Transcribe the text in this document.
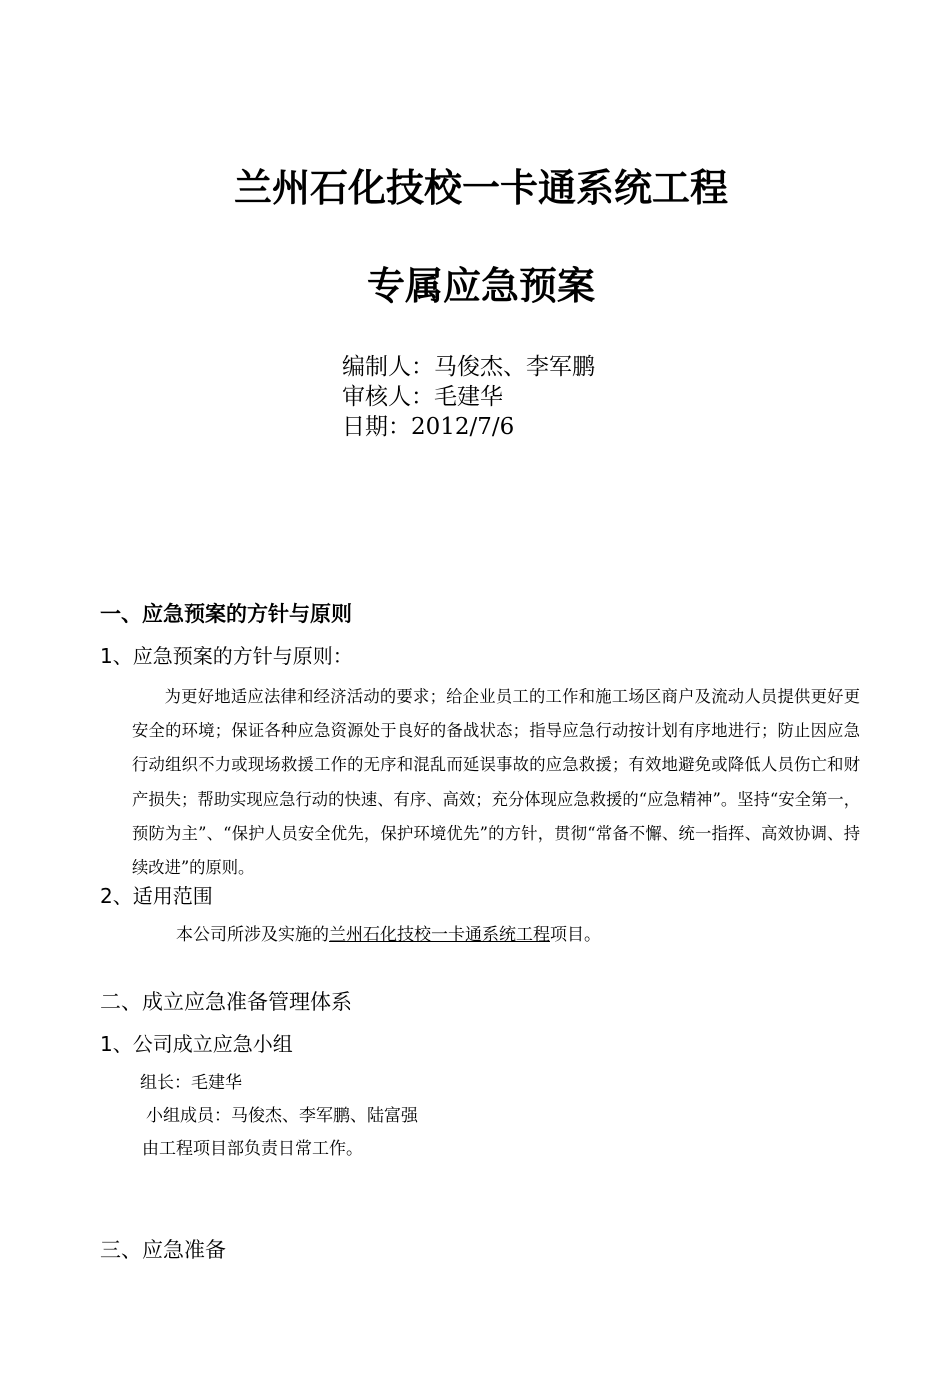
兰州石化技校一卡通系统工程
专属应急预案
编制人：马俊杰、李军鹏
审核人：毛建华
日期：2012/7/6
一、应急预案的方针与原则
1、应急预案的方针与原则：
为更好地适应法律和经济活动的要求；给企业员工的工作和施工场区商户及流动人员提供更好更安全的环境；保证各种应急资源处于良好的备战状态；指导应急行动按计划有序地进行；防止因应急行动组织不力或现场救援工作的无序和混乱而延误事故的应急救援；有效地避免或降低人员伤亡和财产损失；帮助实现应急行动的快速、有序、高效；充分体现应急救援的“应急精神”。坚持“安全第一，预防为主”、“保护人员安全优先，保护环境优先”的方针，贯彻“常备不懈、统一指挥、高效协调、持续改进”的原则。
2、适用范围
本公司所涉及实施的兰州石化技校一卡通系统工程项目。
二、成立应急准备管理体系
1、公司成立应急小组
组长：毛建华
小组成员：马俊杰、李军鹏、陆富强
由工程项目部负责日常工作。
三、应急准备
